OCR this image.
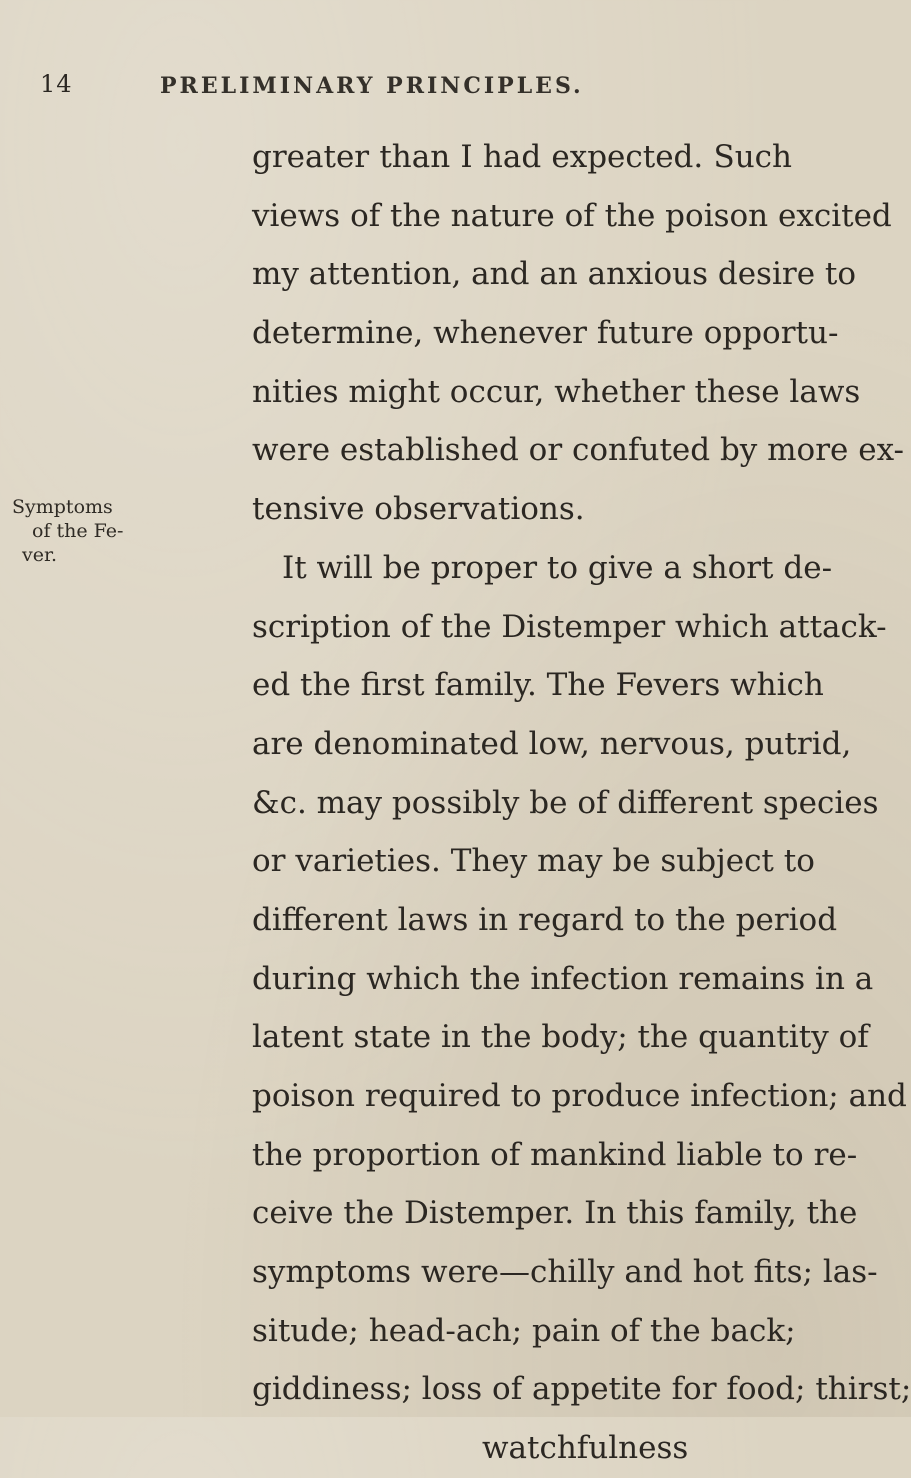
14	PRELIMINARY PRINCIPLES.
Symptoms
of the Fe-
ver.
greater than I had expected. Such
views of the nature of the poison excited
my attention, and an anxious desire to
determine, whenever future opportu-
nities might occur, whether these laws
were established or confuted by more ex-
tensive observations.
It will be proper to give a short de-
scription of the Distemper which attack-
ed the first family. The Fevers which
are denominated low, nervous, putrid,
&c. may possibly be of different species
or varieties. They may be subject to
different laws in regard to the period
during which the infection remains in a
latent state in the body; the quantity of
poison required to produce infection; and
the proportion of mankind liable to re-
ceive the Distemper. In this family, the
symptoms were—chilly and hot fits; las-
situde; head-ach; pain of the back;
giddiness; loss of appetite for food; thirst;
watchfulness
